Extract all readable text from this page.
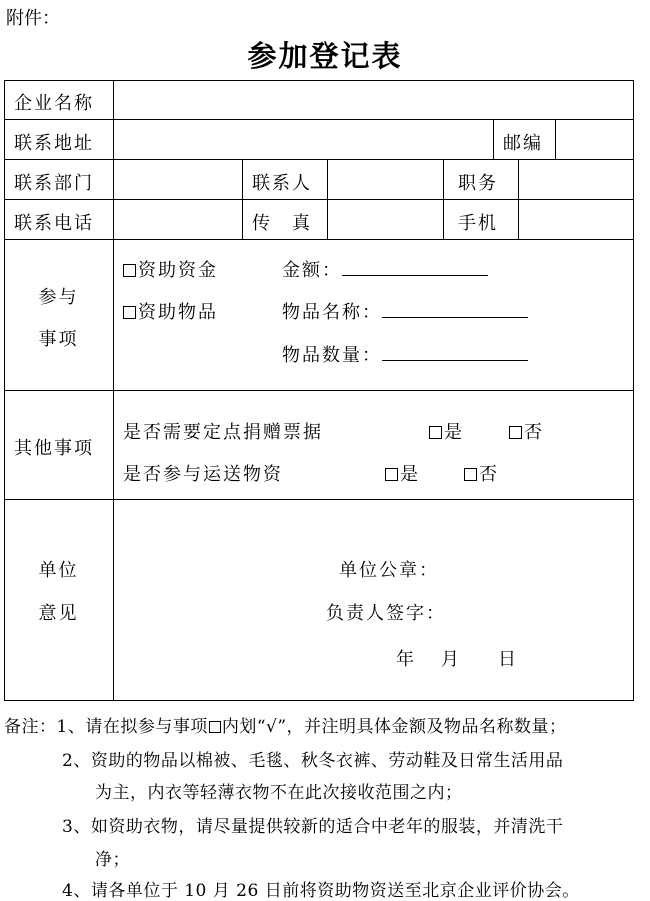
附件：
参加登记表
企业名称
联系地址	邮编
联系部门	联系人	职务
联系电话	传　真	手机
参与
事项
资助资金	金额：
资助物品	物品名称：
物品数量：
其他事项
是否需要定点捐赠票据	是	否
是否参与运送物资	是	否
单位
意见
单位公章：
负责人签字：
年 月 日
备注：1、请在拟参与事项 内划“√”，并注明具体金额及物品名称数量；
2、资助的物品以棉被、毛毯、秋冬衣裤、劳动鞋及日常生活用品
为主，内衣等轻薄衣物不在此次接收范围之内；
3、如资助衣物，请尽量提供较新的适合中老年的服装，并清洗干
净；
4、请各单位于 10 月 26 日前将资助物资送至北京企业评价协会。
